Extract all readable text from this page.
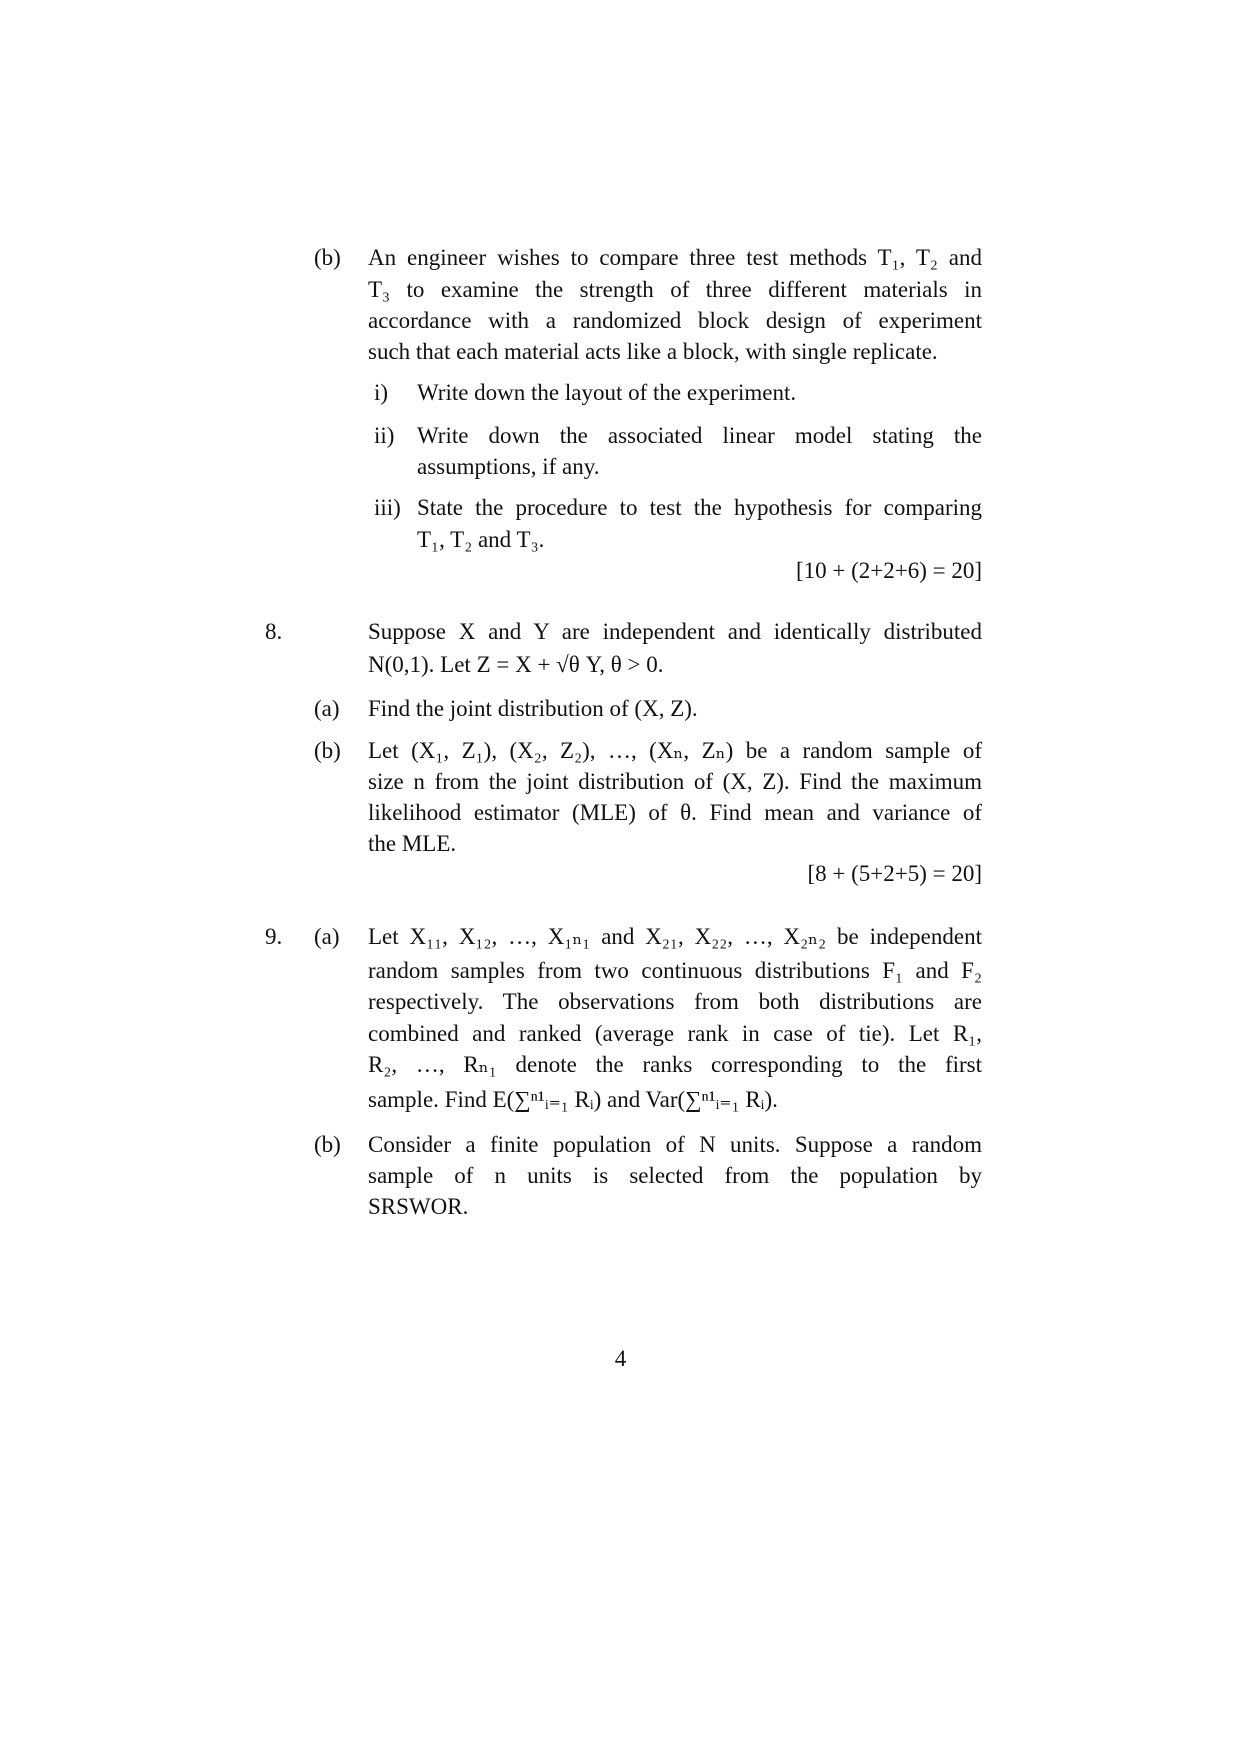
(b) An engineer wishes to compare three test methods T₁, T₂ and
T₃ to examine the strength of three different materials in
accordance with a randomized block design of experiment
such that each material acts like a block, with single replicate.
i) Write down the layout of the experiment.
ii) Write down the associated linear model stating the
assumptions, if any.
iii) State the procedure to test the hypothesis for comparing
T₁, T₂ and T₃.
[10 + (2+2+6) = 20]
8.	Suppose X and Y are independent and identically distributed
N(0,1). Let Z = X + √θ Y, θ > 0.
(a) Find the joint distribution of (X, Z).
(b) Let (X₁, Z₁), (X₂, Z₂), …, (Xₙ, Zₙ) be a random sample of
size n from the joint distribution of (X, Z). Find the maximum
likelihood estimator (MLE) of θ. Find mean and variance of
the MLE.
[8 + (5+2+5) = 20]
9. (a) Let X₁₁, X₁₂, …, X₁ₙ₁ and X₂₁, X₂₂, …, X₂ₙ₂ be independent
random samples from two continuous distributions F₁ and F₂
respectively. The observations from both distributions are
combined and ranked (average rank in case of tie). Let R₁,
R₂, …, Rₙ₁ denote the ranks corresponding to the first
sample. Find E(∑ⁿ¹ᵢ₌₁ Rᵢ) and Var(∑ⁿ¹ᵢ₌₁ Rᵢ).
(b) Consider a finite population of N units. Suppose a random
sample of n units is selected from the population by
SRSWOR.
4
